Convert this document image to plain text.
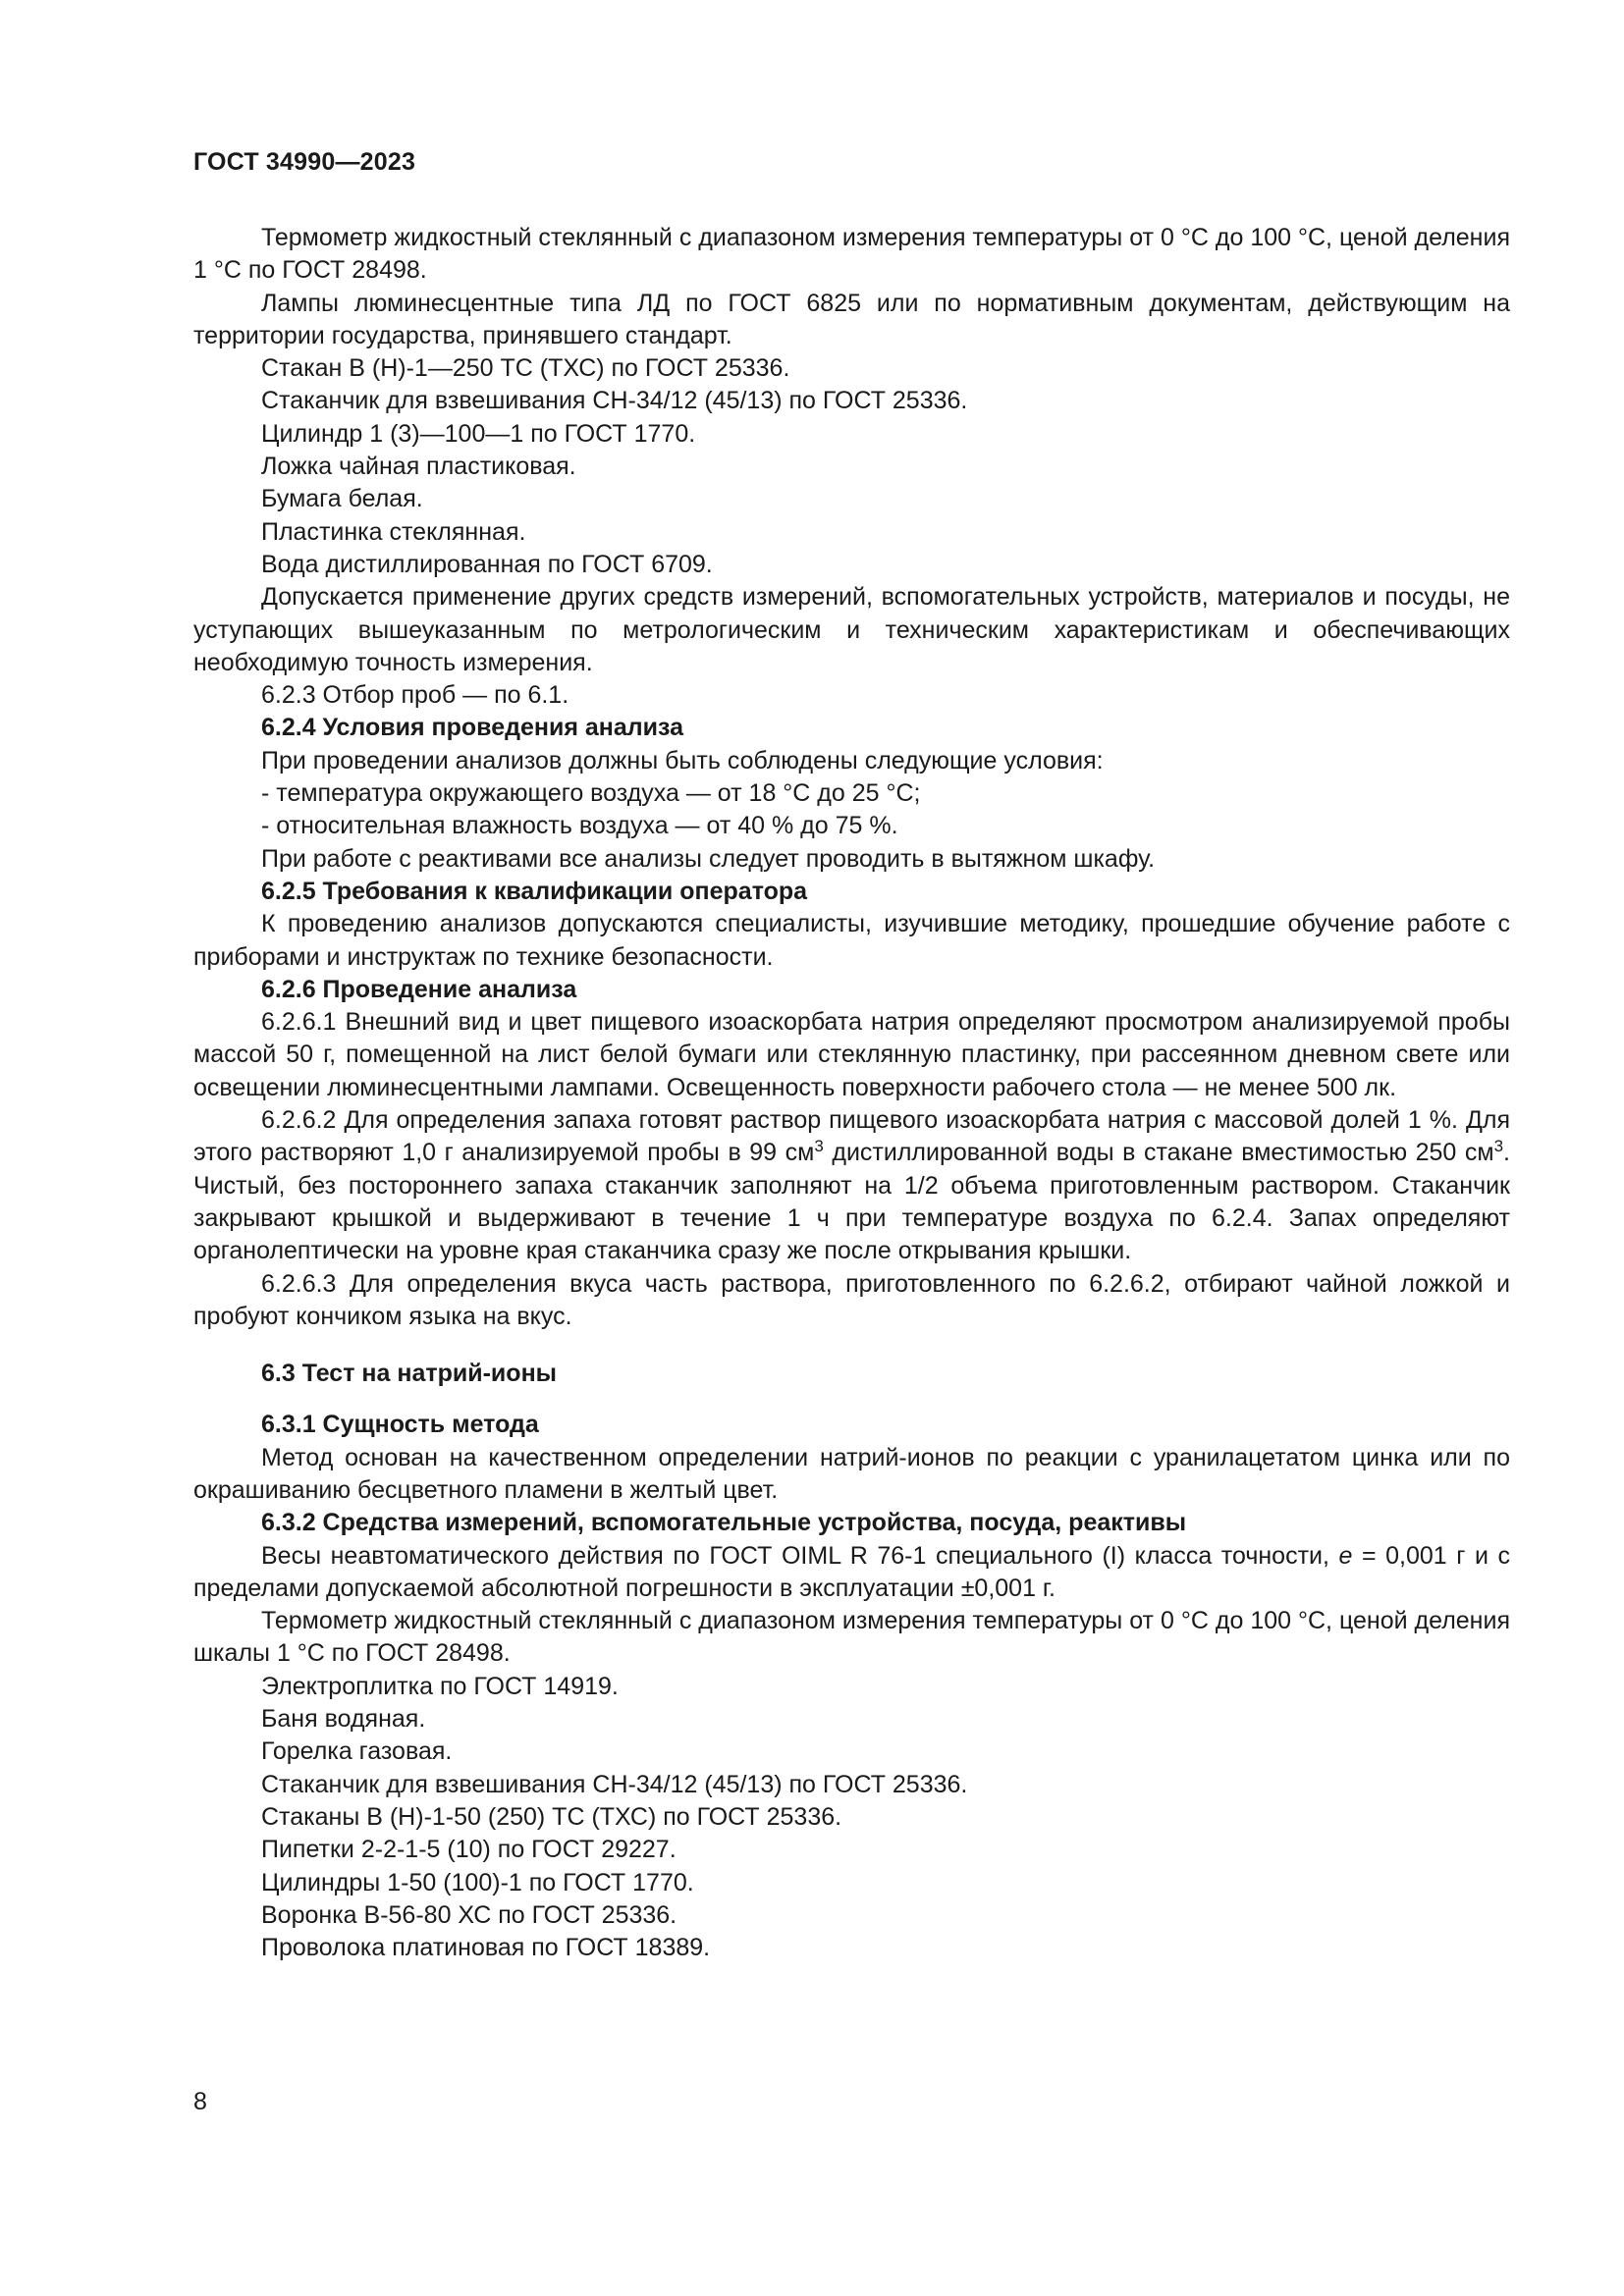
ГОСТ 34990—2023

Термометр жидкостный стеклянный с диапазоном измерения температуры от 0 °С до 100 °С, ценой деления 1 °С по ГОСТ 28498.

Лампы люминесцентные типа ЛД по ГОСТ 6825 или по нормативным документам, действующим на территории государства, принявшего стандарт.

Стакан В (Н)-1—250 ТС (ТХС) по ГОСТ 25336.

Стаканчик для взвешивания СН-34/12 (45/13) по ГОСТ 25336.

Цилиндр 1 (3)—100—1 по ГОСТ 1770.

Ложка чайная пластиковая.

Бумага белая.

Пластинка стеклянная.

Вода дистиллированная по ГОСТ 6709.

Допускается применение других средств измерений, вспомогательных устройств, материалов и посуды, не уступающих вышеуказанным по метрологическим и техническим характеристикам и обеспечивающих необходимую точность измерения.

6.2.3 Отбор проб — по 6.1.

6.2.4 Условия проведения анализа

При проведении анализов должны быть соблюдены следующие условия:

- температура окружающего воздуха — от 18 °С до 25 °С;

- относительная влажность воздуха — от 40 % до 75 %.

При работе с реактивами все анализы следует проводить в вытяжном шкафу.

6.2.5 Требования к квалификации оператора

К проведению анализов допускаются специалисты, изучившие методику, прошедшие обучение работе с приборами и инструктаж по технике безопасности.

6.2.6 Проведение анализа

6.2.6.1 Внешний вид и цвет пищевого изоаскорбата натрия определяют просмотром анализируемой пробы массой 50 г, помещенной на лист белой бумаги или стеклянную пластинку, при рассеянном дневном свете или освещении люминесцентными лампами. Освещенность поверхности рабочего стола — не менее 500 лк.

6.2.6.2 Для определения запаха готовят раствор пищевого изоаскорбата натрия с массовой долей 1 %. Для этого растворяют 1,0 г анализируемой пробы в 99 $см^3$ дистиллированной воды в стакане вместимостью 250 $см^3$. Чистый, без постороннего запаха стаканчик заполняют на 1/2 объема приготовленным раствором. Стаканчик закрывают крышкой и выдерживают в течение 1 ч при температуре воздуха по 6.2.4. Запах определяют органолептически на уровне края стаканчика сразу же после открывания крышки.

6.2.6.3 Для определения вкуса часть раствора, приготовленного по 6.2.6.2, отбирают чайной ложкой и пробуют кончиком языка на вкус.

6.3 Тест на натрий-ионы

6.3.1 Сущность метода

Метод основан на качественном определении натрий-ионов по реакции с уранилацетатом цинка или по окрашиванию бесцветного пламени в желтый цвет.

6.3.2 Средства измерений, вспомогательные устройства, посуда, реактивы

Весы неавтоматического действия по ГОСТ OIML R 76-1 специального (I) класса точности, е = 0,001 г и с пределами допускаемой абсолютной погрешности в эксплуатации ±0,001 г.

Термометр жидкостный стеклянный с диапазоном измерения температуры от 0 °С до 100 °С, ценой деления шкалы 1 °С по ГОСТ 28498.

Электроплитка по ГОСТ 14919.

Баня водяная.

Горелка газовая.

Стаканчик для взвешивания СН-34/12 (45/13) по ГОСТ 25336.

Стаканы В (Н)-1-50 (250) ТС (ТХС) по ГОСТ 25336.

Пипетки 2-2-1-5 (10) по ГОСТ 29227.

Цилиндры 1-50 (100)-1 по ГОСТ 1770.

Воронка В-56-80 ХС по ГОСТ 25336.

Проволока платиновая по ГОСТ 18389.

8
